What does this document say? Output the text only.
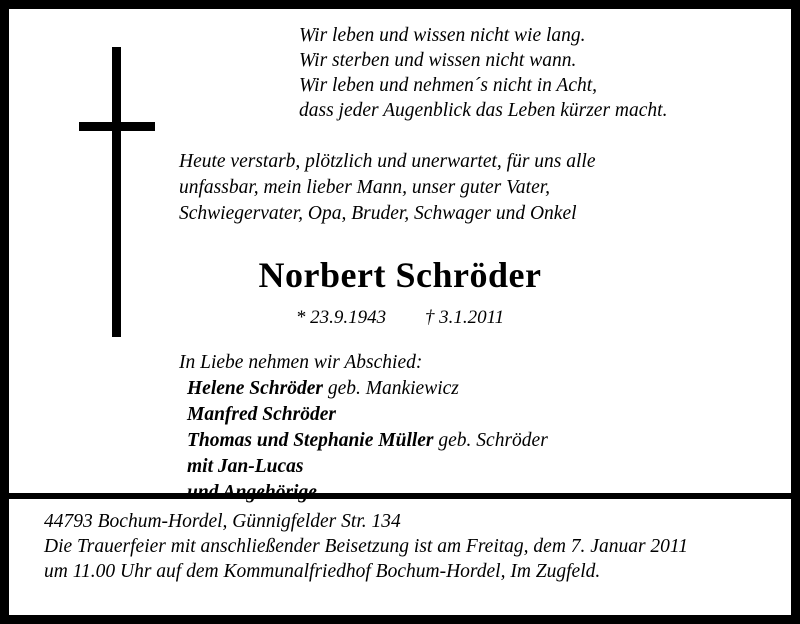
Wir leben und wissen nicht wie lang.
Wir sterben und wissen nicht wann.
Wir leben und nehmen´s nicht in Acht,
dass jeder Augenblick das Leben kürzer macht.
Heute verstarb, plötzlich und unerwartet, für uns alle
unfassbar, mein lieber Mann, unser guter Vater,
Schwiegervater, Opa, Bruder, Schwager und Onkel
Norbert Schröder
* 23.9.1943 † 3.1.2011
In Liebe nehmen wir Abschied:
Helene Schröder geb. Mankiewicz
Manfred Schröder
Thomas und Stephanie Müller geb. Schröder
mit Jan-Lucas
44793 Bochum-Hordel, Günnigfelder Str. 134
Die Trauerfeier mit anschließender Beisetzung ist am Freitag, dem 7. Januar 2011
um 11.00 Uhr auf dem Kommunalfriedhof Bochum-Hordel, Im Zugfeld.
